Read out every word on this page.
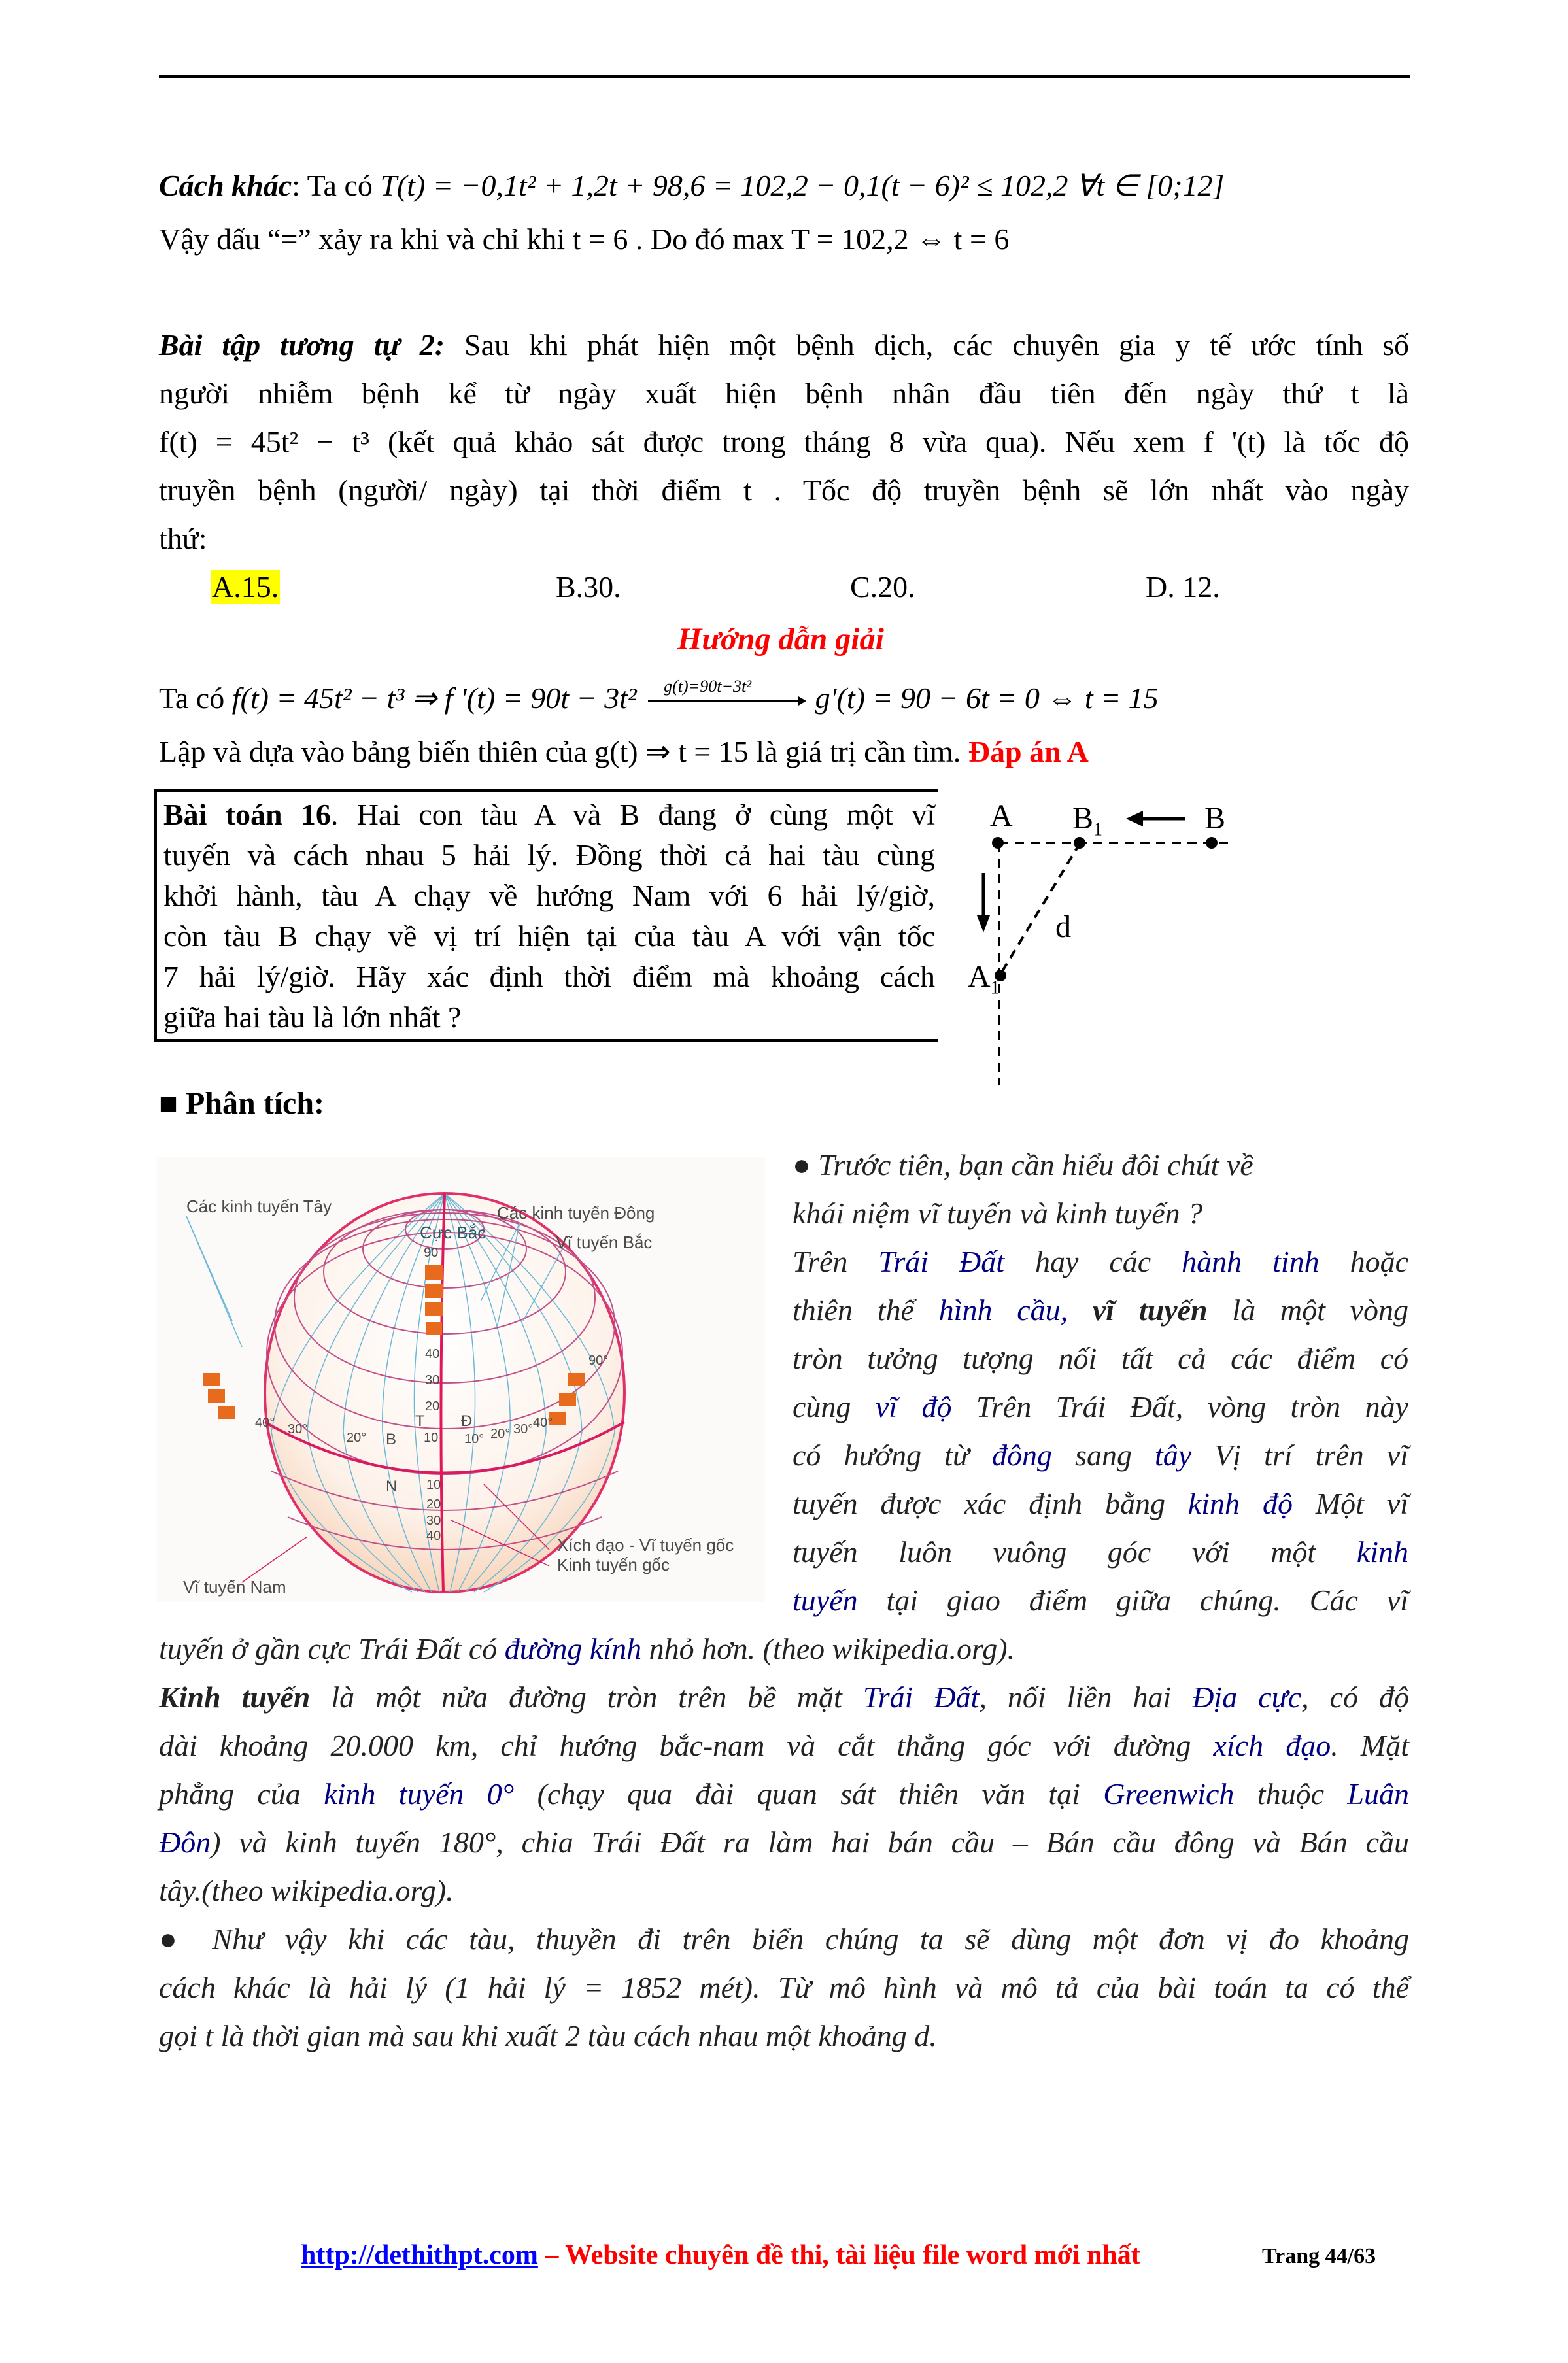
Cách khác: Ta có T(t) = −0,1t² + 1,2t + 98,6 = 102,2 − 0,1(t − 6)² ≤ 102,2 ∀t ∈ [0;12]
Vậy dấu “=” xảy ra khi và chỉ khi t = 6 . Do đó max T = 102,2 ⇔ t = 6
Bài tập tương tự 2: Sau khi phát hiện một bệnh dịch, các chuyên gia y tế ước tính số
người nhiễm bệnh kể từ ngày xuất hiện bệnh nhân đầu tiên đến ngày thứ t là
f(t) = 45t² − t³ (kết quả khảo sát được trong tháng 8 vừa qua). Nếu xem f '(t) là tốc độ
truyền bệnh (người/ ngày) tại thời điểm t . Tốc độ truyền bệnh sẽ lớn nhất vào ngày
thứ:
A.15.	B.30.	C.20.	D. 12.
Hướng dẫn giải
Ta có f(t) = 45t² − t³ ⇒ f '(t) = 90t − 3t² g(t)=90t−3t² g'(t) = 90 − 6t = 0 ⇔ t = 15
Lập và dựa vào bảng biến thiên của g(t) ⇒ t = 15 là giá trị cần tìm. Đáp án A
Bài toán 16. Hai con tàu A và B đang ở cùng một vĩ
tuyến và cách nhau 5 hải lý. Đồng thời cả hai tàu cùng
khởi hành, tàu A chạy về hướng Nam với 6 hải lý/giờ,
còn tàu B chạy về vị trí hiện tại của tàu A với vận tốc
7 hải lý/giờ. Hãy xác định thời điểm mà khoảng cách
giữa hai tàu là lớn nhất ?
A $B_1$	B
$A_1$
d
■ Phân tích:
Các kinh tuyến Tây	Các kinh tuyến Đông
Cực Bắc	Vĩ tuyến Bắc
Xích đạo - Vĩ tuyến gốc
Kinh tuyến gốc
Vĩ tuyến Nam
T Đ
B
N
90
40
30
20
10
10
20
30
40
40° 30°
20°	10° 20° 30° 40°
90°
● Trước tiên, bạn cần hiểu đôi chút về
khái niệm vĩ tuyến và kinh tuyến ?
Trên Trái Đất hay các hành tinh hoặc
thiên thể hình cầu, vĩ tuyến là một vòng
tròn tưởng tượng nối tất cả các điểm có
cùng vĩ độ Trên Trái Đất, vòng tròn này
có hướng từ đông sang tây Vị trí trên vĩ
tuyến được xác định bằng kinh độ Một vĩ
tuyến luôn vuông góc với một kinh
tuyến tại giao điểm giữa chúng. Các vĩ
tuyến ở gần cực Trái Đất có đường kính nhỏ hơn. (theo wikipedia.org).
Kinh tuyến là một nửa đường tròn trên bề mặt Trái Đất, nối liền hai Địa cực, có độ
dài khoảng 20.000 km, chỉ hướng bắc-nam và cắt thẳng góc với đường xích đạo. Mặt
phẳng của kinh tuyến 0° (chạy qua đài quan sát thiên văn tại Greenwich thuộc Luân
Đôn) và kinh tuyến 180°, chia Trái Đất ra làm hai bán cầu – Bán cầu đông và Bán cầu
tây.(theo wikipedia.org).
● Như vậy khi các tàu, thuyền đi trên biển chúng ta sẽ dùng một đơn vị đo khoảng
cách khác là hải lý (1 hải lý = 1852 mét). Từ mô hình và mô tả của bài toán ta có thể
gọi t là thời gian mà sau khi xuất 2 tàu cách nhau một khoảng d.
http://dethithpt.com – Website chuyên đề thi, tài liệu file word mới nhất	Trang 44/63
